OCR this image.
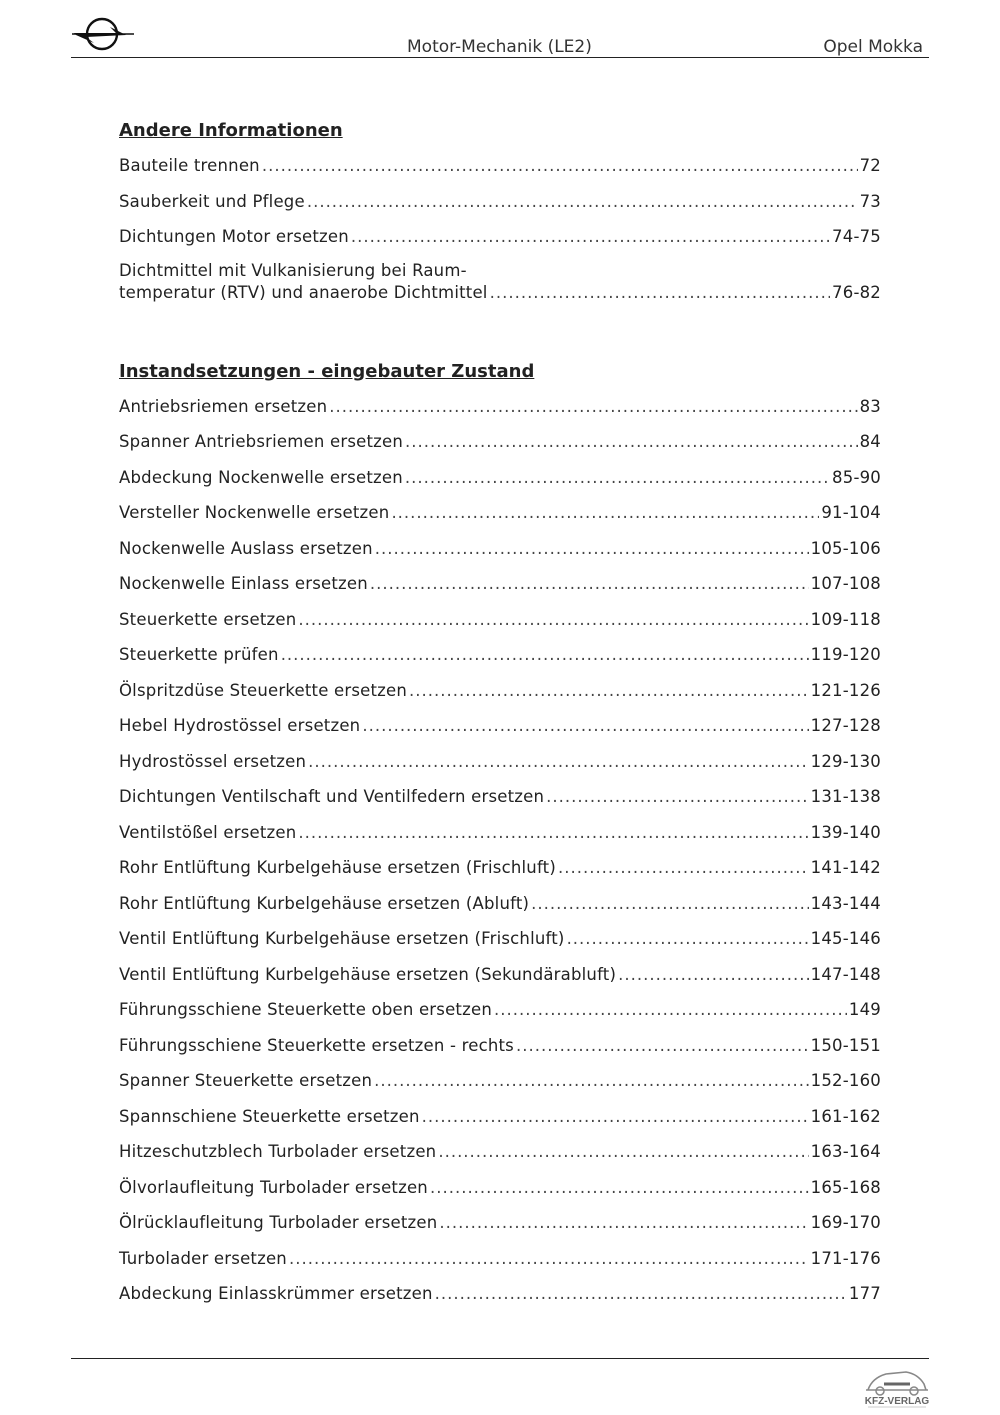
Motor-Mechanik (LE2)	Opel Mokka
Andere Informationen
Bauteile trennen .....	72
Sauberkeit und Pflege .....	73
Dichtungen Motor ersetzen .....	74-75
Dichtmittel mit Vulkanisierung bei Raum-
temperatur (RTV) und anaerobe Dichtmittel .....	76-82
Instandsetzungen - eingebauter Zustand
Antriebsriemen ersetzen .....	83
Spanner Antriebsriemen ersetzen .....	84
Abdeckung Nockenwelle ersetzen .....	85-90
Versteller Nockenwelle ersetzen .....	91-104
Nockenwelle Auslass ersetzen .....	105-106
Nockenwelle Einlass ersetzen .....	107-108
Steuerkette ersetzen .....	109-118
Steuerkette prüfen .....	119-120
Ölspritzdüse Steuerkette ersetzen .....	121-126
Hebel Hydrostössel ersetzen .....	127-128
Hydrostössel ersetzen .....	129-130
Dichtungen Ventilschaft und Ventilfedern ersetzen .....	131-138
Ventilstößel ersetzen .....	139-140
Rohr Entlüftung Kurbelgehäuse ersetzen (Frischluft) .....	141-142
Rohr Entlüftung Kurbelgehäuse ersetzen (Abluft) .....	143-144
Ventil Entlüftung Kurbelgehäuse ersetzen (Frischluft) .....	145-146
Ventil Entlüftung Kurbelgehäuse ersetzen (Sekundärabluft) .....	147-148
Führungsschiene Steuerkette oben ersetzen .....	149
Führungsschiene Steuerkette ersetzen - rechts .....	150-151
Spanner Steuerkette ersetzen .....	152-160
Spannschiene Steuerkette ersetzen .....	161-162
Hitzeschutzblech Turbolader ersetzen .....	163-164
Ölvorlaufleitung Turbolader ersetzen .....	165-168
Ölrücklaufleitung Turbolader ersetzen .....	169-170
Turbolader ersetzen .....	171-176
Abdeckung Einlasskrümmer ersetzen .....	177
KFZ-VERLAG
